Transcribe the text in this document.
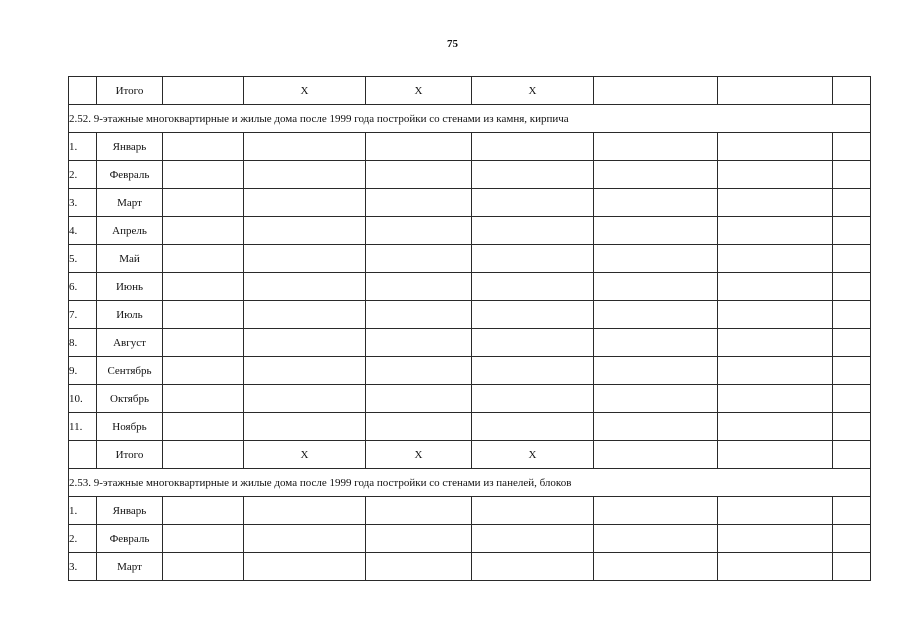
75
	Итого		X	X	X			
2.52. 9-этажные многоквартирные и жилые дома после 1999 года постройки со стенами из камня, кирпича								
1.	Январь							
2.	Февраль							
3.	Март							
4.	Апрель							
5.	Май							
6.	Июнь							
7.	Июль							
8.	Август							
9.	Сентябрь							
10.	Октябрь							
11.	Ноябрь							
	Итого		X	X	X			
2.53. 9-этажные многоквартирные и жилые дома после 1999 года постройки со стенами из панелей, блоков								
1.	Январь							
2.	Февраль							
3.	Март							
